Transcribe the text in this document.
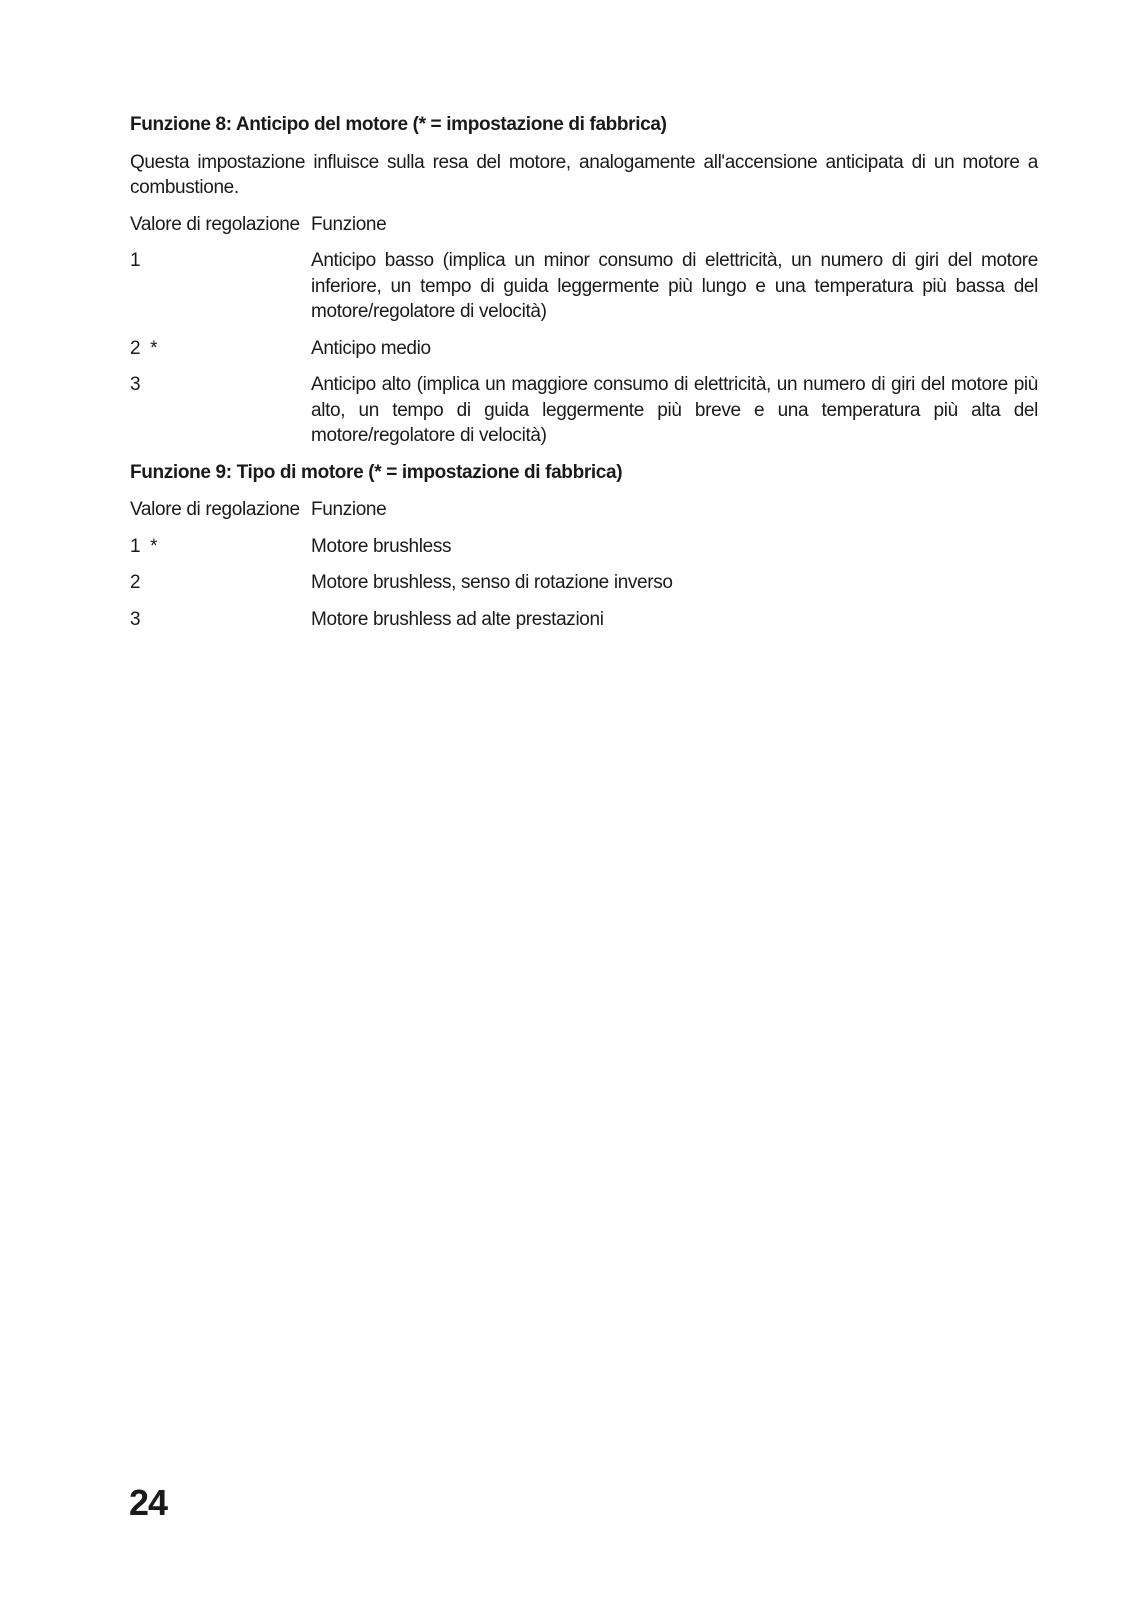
Funzione 8: Anticipo del motore (* = impostazione di fabbrica)
Questa impostazione influisce sulla resa del motore, analogamente all'accensione anticipata di un motore a combustione.
Valore di regolazione Funzione
1	Anticipo basso (implica un minor consumo di elettricità, un numero di giri del motore inferiore, un tempo di guida leggermente più lungo e una temperatura più bassa del motore/regolatore di velocità)
2  *	Anticipo medio
3	Anticipo alto (implica un maggiore consumo di elettricità, un numero di giri del motore più alto, un tempo di guida leggermente più breve e una temperatura più alta del motore/regolatore di velocità)
Funzione 9: Tipo di motore (* = impostazione di fabbrica)
Valore di regolazione Funzione
1  *	Motore brushless
2	Motore brushless, senso di rotazione inverso
3	Motore brushless ad alte prestazioni
24
